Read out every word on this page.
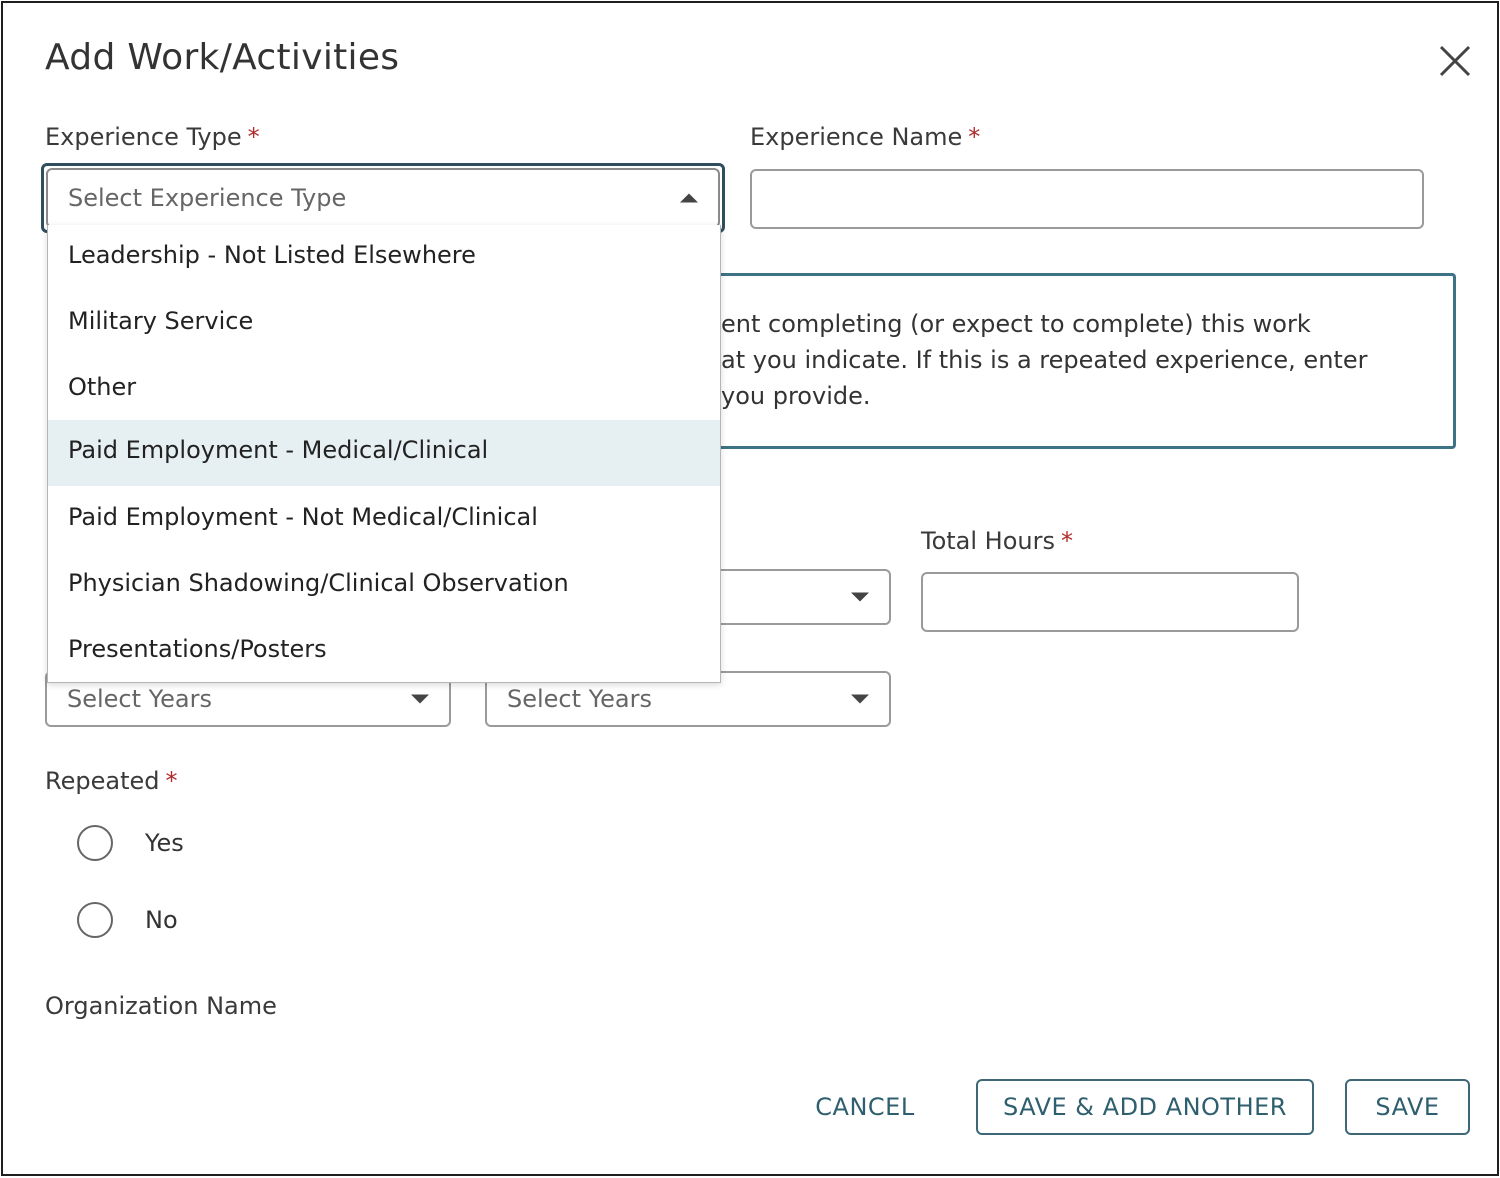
Add Work/Activities
Experience Type *
Select Experience Type
Experience Name *
ent completing (or expect to complete) this work
at you indicate. If this is a repeated experience, enter
you provide.
Total Hours *
Select Years	Select Years
Leadership - Not Listed Elsewhere
Military Service
Other
Paid Employment - Medical/Clinical
Paid Employment - Not Medical/Clinical
Physician Shadowing/Clinical Observation
Presentations/Posters
Repeated *
Yes
No
Organization Name
CANCEL	SAVE & ADD ANOTHER	SAVE
